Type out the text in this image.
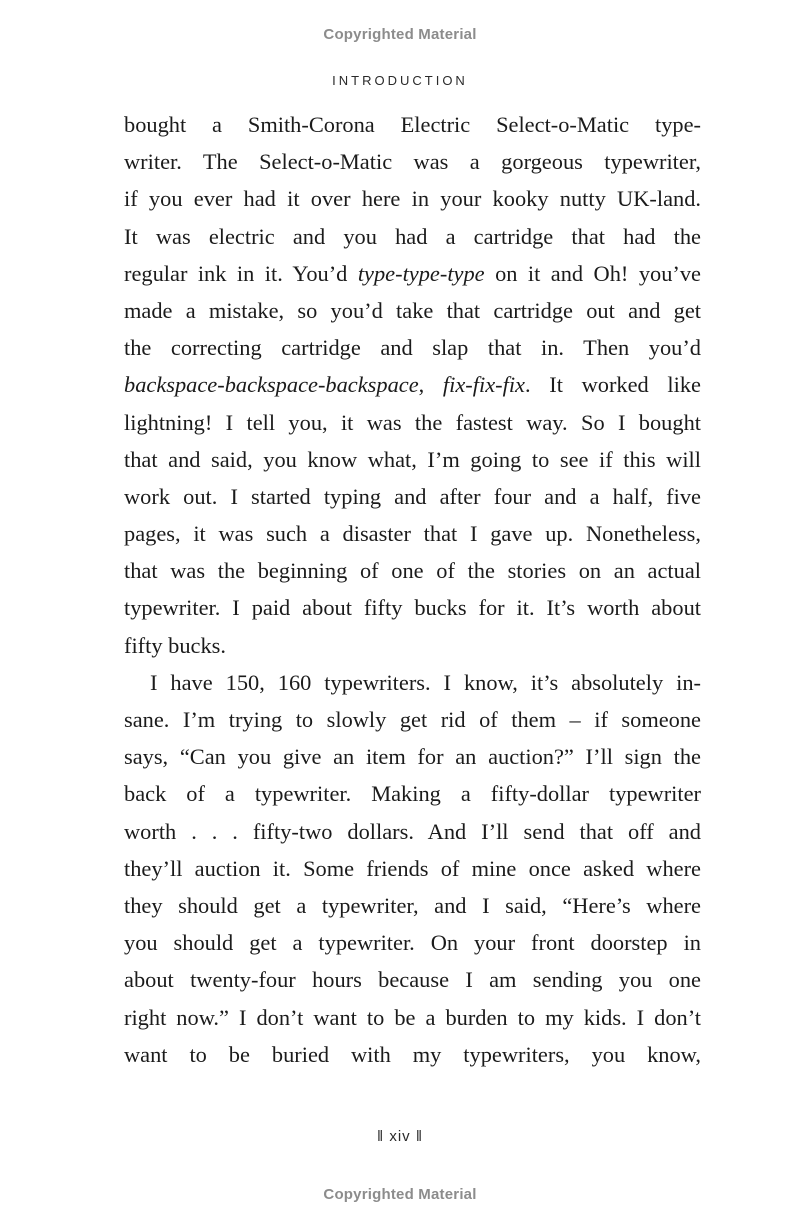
Copyrighted Material
INTRODUCTION
bought a Smith-Corona Electric Select-o-Matic type-
writer. The Select-o-Matic was a gorgeous typewriter,
if you ever had it over here in your kooky nutty UK-land.
It was electric and you had a cartridge that had the
regular ink in it. You’d type-type-type on it and Oh! you’ve
made a mistake, so you’d take that cartridge out and get
the correcting cartridge and slap that in. Then you’d
backspace-backspace-backspace, fix-fix-fix. It worked like
lightning! I tell you, it was the fastest way. So I bought
that and said, you know what, I’m going to see if this will
work out. I started typing and after four and a half, five
pages, it was such a disaster that I gave up. Nonetheless,
that was the beginning of one of the stories on an actual
typewriter. I paid about fifty bucks for it. It’s worth about
fifty bucks.
I have 150, 160 typewriters. I know, it’s absolutely in-
sane. I’m trying to slowly get rid of them – if someone
says, “Can you give an item for an auction?” I’ll sign the
back of a typewriter. Making a fifty-dollar typewriter
worth . . . fifty-two dollars. And I’ll send that off and
they’ll auction it. Some friends of mine once asked where
they should get a typewriter, and I said, “Here’s where
you should get a typewriter. On your front doorstep in
about twenty-four hours because I am sending you one
right now.” I don’t want to be a burden to my kids. I don’t
want to be buried with my typewriters, you know,
‖ xiv ‖
Copyrighted Material
